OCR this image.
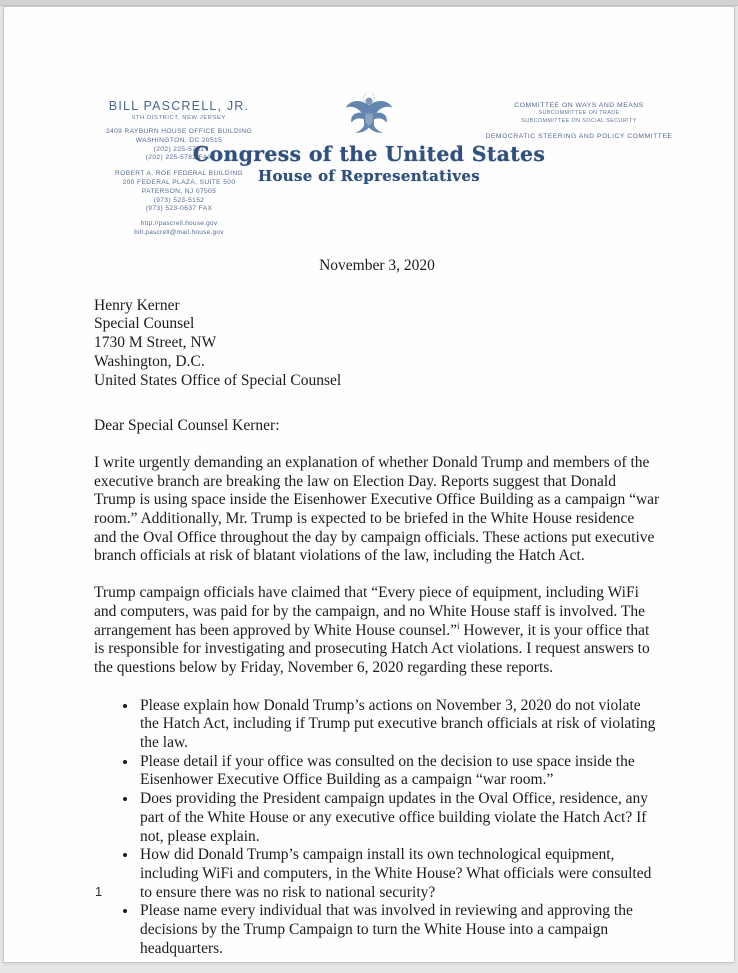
BILL PASCRELL, JR.
9TH DISTRICT, NEW JERSEY
2409 RAYBURN HOUSE OFFICE BUILDING
WASHINGTON, DC 20515
(202) 225-5751
(202) 225-5782 FAX
ROBERT A. ROE FEDERAL BUILDING
200 FEDERAL PLAZA, SUITE 500
PATERSON, NJ 07505
(973) 523-5152
(973) 523-0637 FAX
http://pascrell.house.gov
bill.pascrell@mail.house.gov
Congress of the United States
House of Representatives
COMMITTEE ON WAYS AND MEANS
SUBCOMMITTEE ON TRADE
SUBCOMMITTEE ON SOCIAL SECURITY
DEMOCRATIC STEERING AND POLICY COMMITTEE
November 3, 2020
Henry Kerner
Special Counsel
1730 M Street, NW
Washington, D.C.
United States Office of Special Counsel
Dear Special Counsel Kerner:

I write urgently demanding an explanation of whether Donald Trump and members of the executive branch are breaking the law on Election Day. Reports suggest that Donald Trump is using space inside the Eisenhower Executive Office Building as a campaign “war room.” Additionally, Mr. Trump is expected to be briefed in the White House residence and the Oval Office throughout the day by campaign officials. These actions put executive branch officials at risk of blatant violations of the law, including the Hatch Act.

Trump campaign officials have claimed that “Every piece of equipment, including WiFi and computers, was paid for by the campaign, and no White House staff is involved. The arrangement has been approved by White House counsel.”$^i$ However, it is your office that is responsible for investigating and prosecuting Hatch Act violations. I request answers to the questions below by Friday, November 6, 2020 regarding these reports.

• Please explain how Donald Trump’s actions on November 3, 2020 do not violate the Hatch Act, including if Trump put executive branch officials at risk of violating the law.
• Please detail if your office was consulted on the decision to use space inside the Eisenhower Executive Office Building as a campaign “war room.”
• Does providing the President campaign updates in the Oval Office, residence, any part of the White House or any executive office building violate the Hatch Act? If not, please explain.
• How did Donald Trump’s campaign install its own technological equipment, including WiFi and computers, in the White House? What officials were consulted to ensure there was no risk to national security?
• Please name every individual that was involved in reviewing and approving the decisions by the Trump Campaign to turn the White House into a campaign headquarters.
1
